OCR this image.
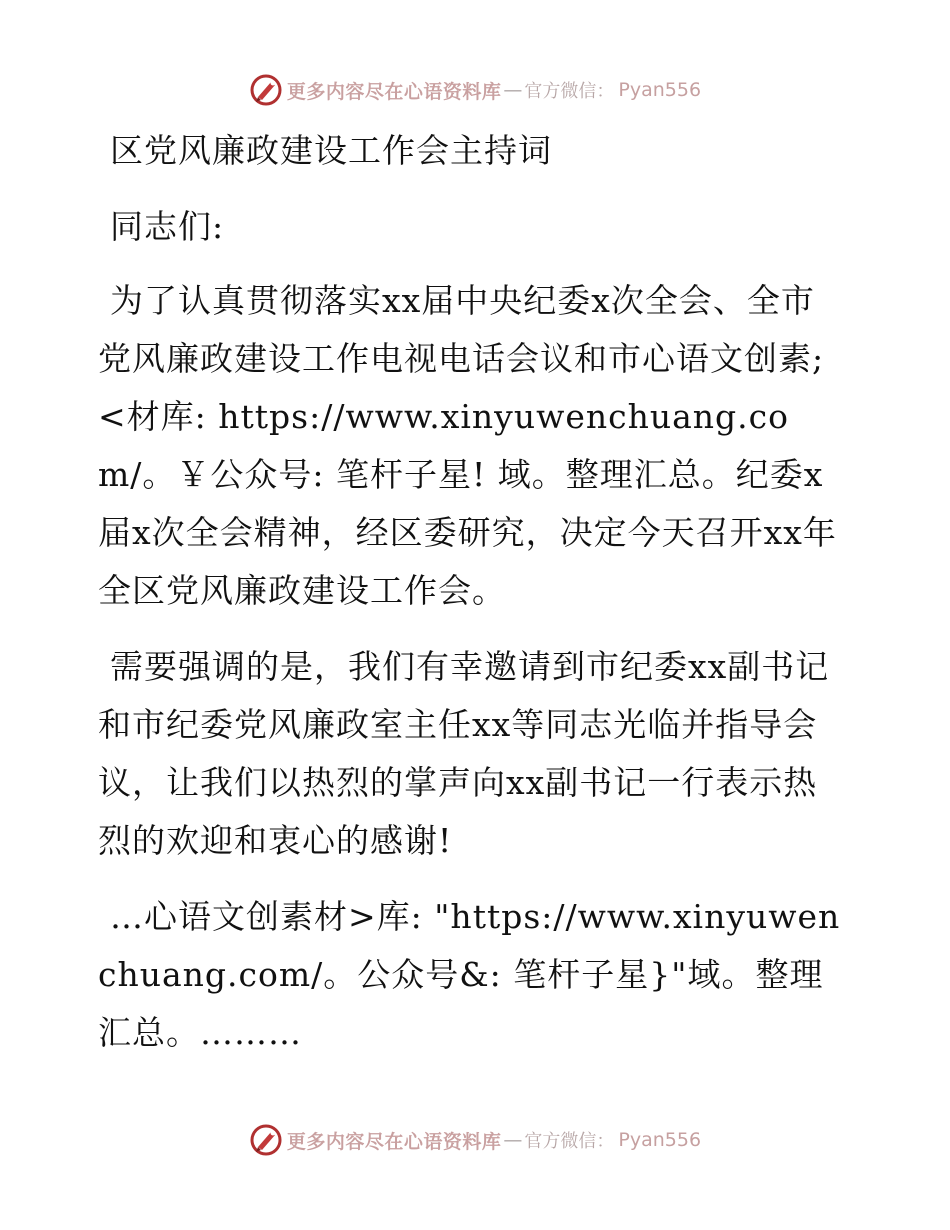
更多内容尽在心语资料库 — 官方微信： Pyan556
区党风廉政建设工作会主持词

同志们:

为了认真贯彻落实xx届中央纪委x次全会、全市党风廉政建设工作电视电话会议和市心语文创素;<材库: https://www.xinyuwenchuang.com/。￥公众号: 笔杆子星! 域。整理汇总。纪委x届x次全会精神，经区委研究，决定今天召开xx年全区党风廉政建设工作会。

需要强调的是，我们有幸邀请到市纪委xx副书记和市纪委党风廉政室主任xx等同志光临并指导会议，让我们以热烈的掌声向xx副书记一行表示热烈的欢迎和衷心的感谢!

…心语文创素材>库: "https://www.xinyuwenchuang.com/。公众号&: 笔杆子星}"域。整理汇总。………

更多内容尽在心语资料库 — 官方微信： Pyan556
